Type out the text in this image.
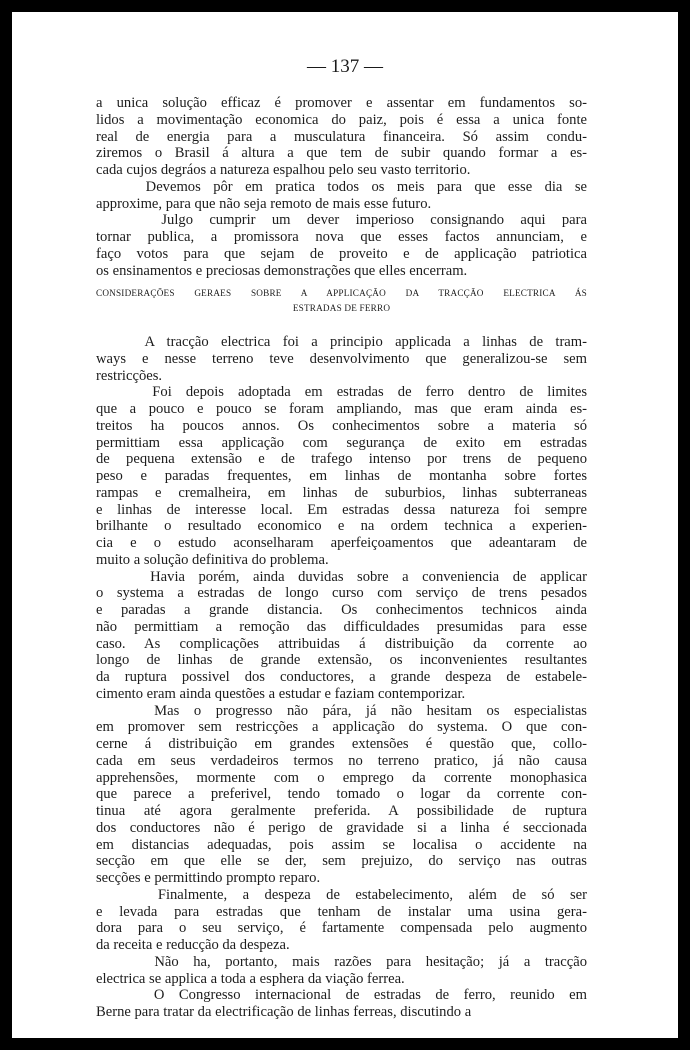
— 137 —
a unica solução efficaz é promover e assentar em fundamentos so-
lidos a movimentação economica do paiz, pois é essa a unica fonte
real de energia para a musculatura financeira. Só assim condu-
ziremos o Brasil á altura a que tem de subir quando formar a es-
cada cujos degráos a natureza espalhou pelo seu vasto territorio.
Devemos pôr em pratica todos os meis para que esse dia se
approxime, para que não seja remoto de mais esse futuro.
Julgo cumprir um dever imperioso consignando aqui para
tornar publica, a promissora nova que esses factos annunciam, e
faço votos para que sejam de proveito e de applicação patriotica
os ensinamentos e preciosas demonstrações que elles encerram.
CONSIDERAÇÕES GERAES SOBRE A APPLICAÇÃO DA TRACÇÃO ELECTRICA ÁS
ESTRADAS DE FERRO
A tracção electrica foi a principio applicada a linhas de tram-
ways e nesse terreno teve desenvolvimento que generalizou-se sem
restricções.
Foi depois adoptada em estradas de ferro dentro de limites
que a pouco e pouco se foram ampliando, mas que eram ainda es-
treitos ha poucos annos. Os conhecimentos sobre a materia só
permittiam essa applicação com segurança de exito em estradas
de pequena extensão e de trafego intenso por trens de pequeno
peso e paradas frequentes, em linhas de montanha sobre fortes
rampas e cremalheira, em linhas de suburbios, linhas subterraneas
e linhas de interesse local. Em estradas dessa natureza foi sempre
brilhante o resultado economico e na ordem technica a experien-
cia e o estudo aconselharam aperfeiçoamentos que adeantaram de
muito a solução definitiva do problema.
Havia porém, ainda duvidas sobre a conveniencia de applicar
o systema a estradas de longo curso com serviço de trens pesados
e paradas a grande distancia. Os conhecimentos technicos ainda
não permittiam a remoção das difficuldades presumidas para esse
caso. As complicações attribuidas á distribuição da corrente ao
longo de linhas de grande extensão, os inconvenientes resultantes
da ruptura possivel dos conductores, a grande despeza de estabele-
cimento eram ainda questões a estudar e faziam contemporizar.
Mas o progresso não pára, já não hesitam os especialistas
em promover sem restricções a applicação do systema. O que con-
cerne á distribuição em grandes extensões é questão que, collo-
cada em seus verdadeiros termos no terreno pratico, já não causa
apprehensões, mormente com o emprego da corrente monophasica
que parece a preferivel, tendo tomado o logar da corrente con-
tinua até agora geralmente preferida. A possibilidade de ruptura
dos conductores não é perigo de gravidade si a linha é seccionada
em distancias adequadas, pois assim se localisa o accidente na
secção em que elle se der, sem prejuizo, do serviço nas outras
secções e permittindo prompto reparo.
Finalmente, a despeza de estabelecimento, além de só ser
e levada para estradas que tenham de instalar uma usina gera-
dora para o seu serviço, é fartamente compensada pelo augmento
da receita e reducção da despeza.
Não ha, portanto, mais razões para hesitação; já a tracção
electrica se applica a toda a esphera da viação ferrea.
O Congresso internacional de estradas de ferro, reunido em
Berne para tratar da electrificação de linhas ferreas, discutindo a
